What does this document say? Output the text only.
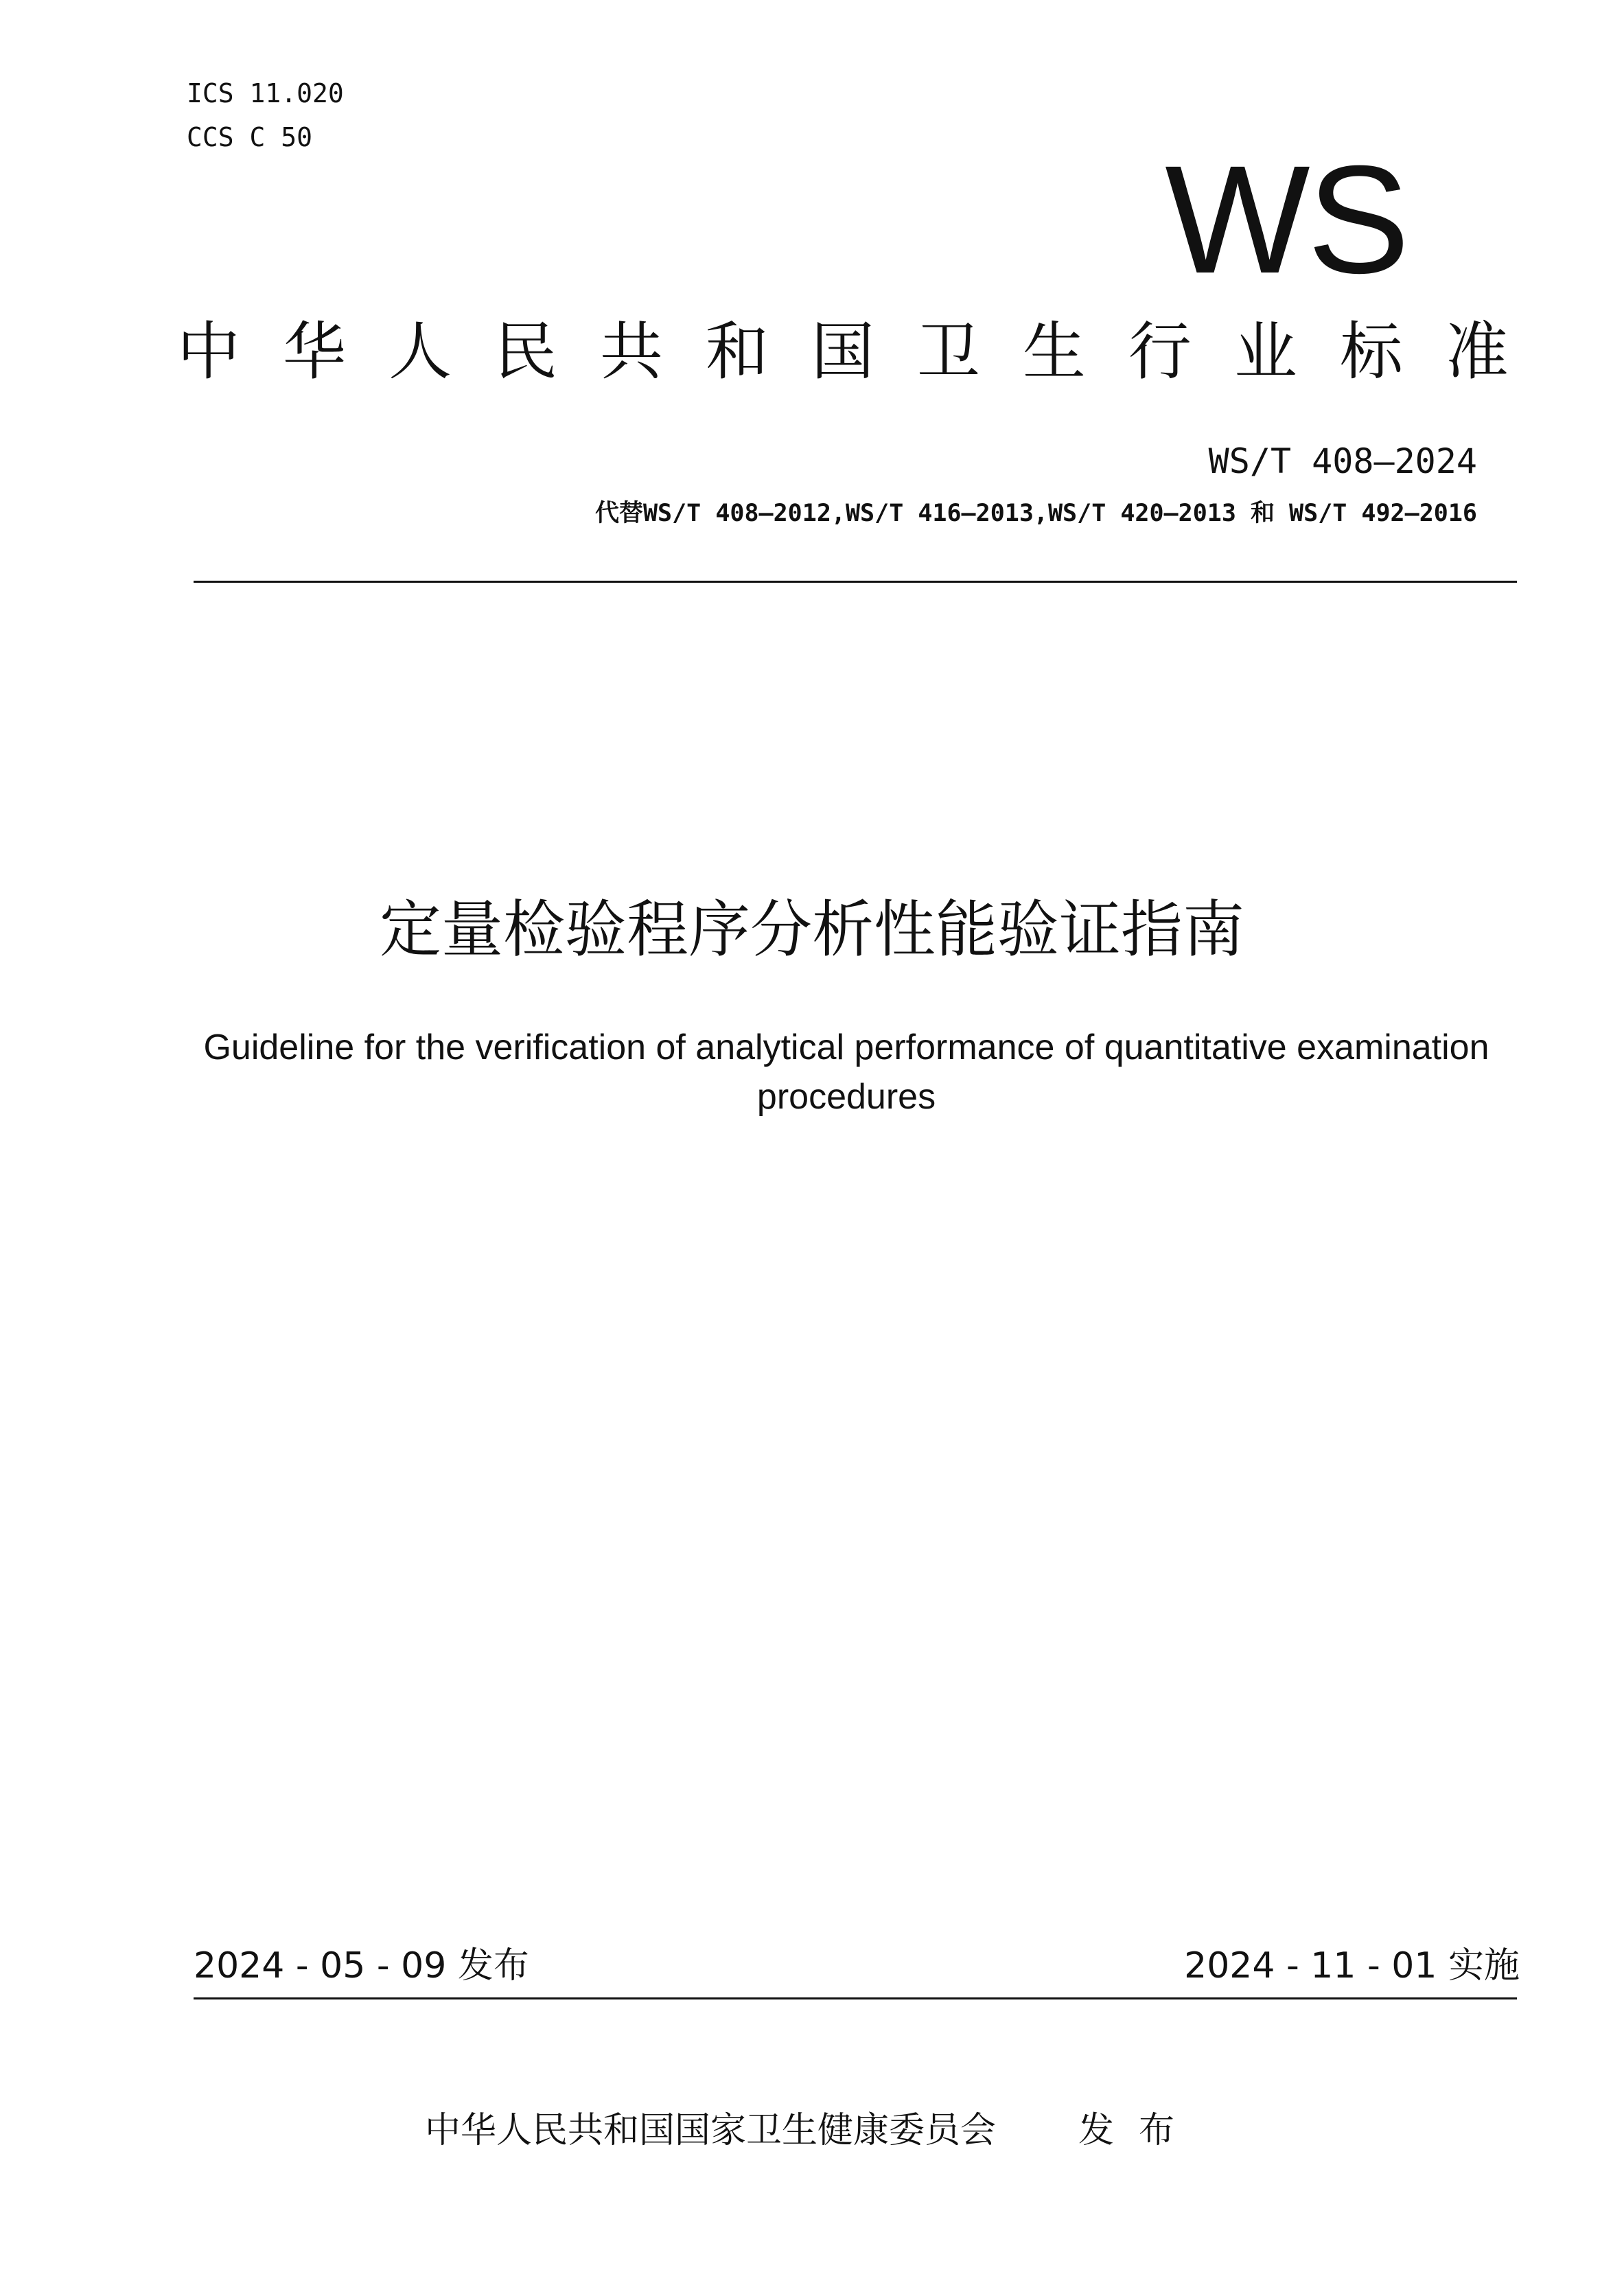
ICS 11.020
CCS C 50	WS
中 华 人 民 共 和 国 卫 生 行 业 标 准
WS/T 408—2024
代替WS/T 408—2012,WS/T 416—2013,WS/T 420—2013 和 WS/T 492—2016
定量检验程序分析性能验证指南
Guideline for the verification of analytical performance of quantitative examination procedures
2024 - 05 - 09 发布	2024 - 11 - 01 实施
中华人民共和国国家卫生健康委员会 发布
